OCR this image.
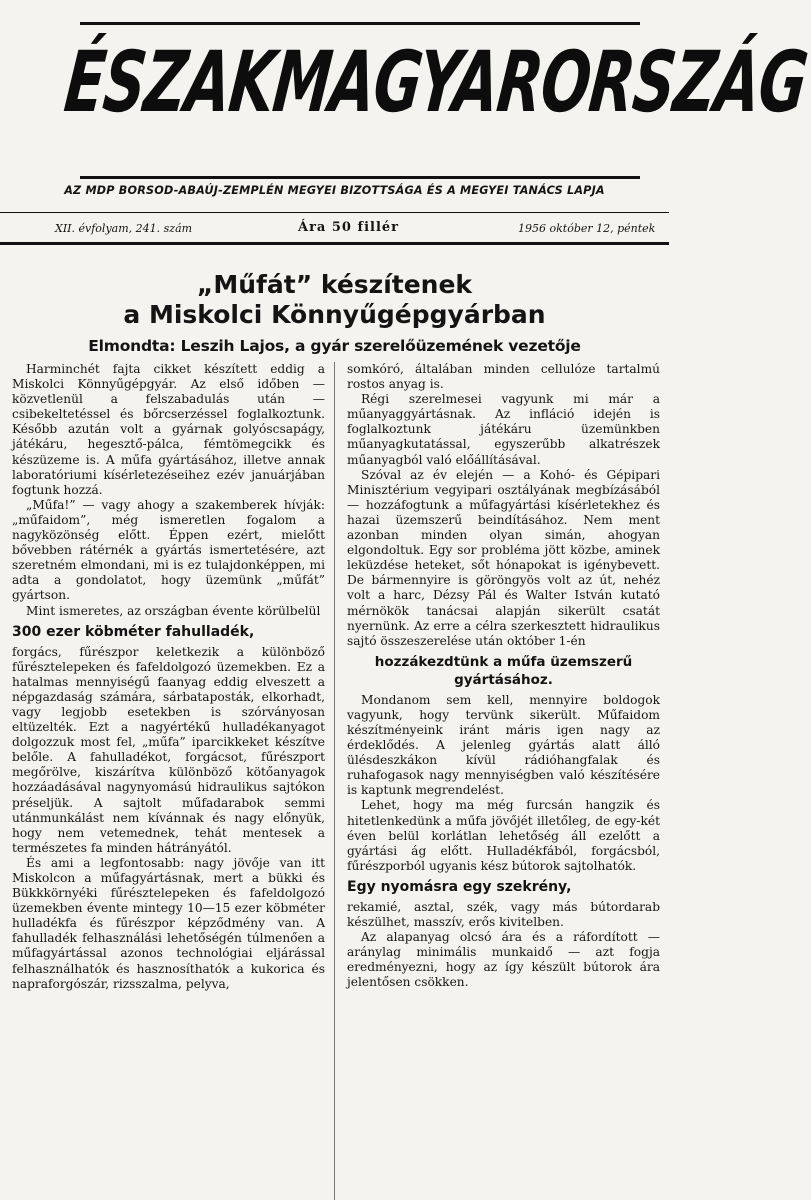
ÉSZAKMAGYARORSZÁG
AZ MDP BORSOD-ABAÚJ-ZEMPLÉN MEGYEI BIZOTTSÁGA ÉS A MEGYEI TANÁCS LAPJA
XII. évfolyam, 241. szám	Ára 50 fillér	1956 október 12, péntek
„Műfát” készítenek
a Miskolci Könnyűgépgyárban
Elmondta: Leszih Lajos, a gyár szerelőüzemének vezetője

Harminchét fajta cikket készített eddig a Miskolci Könnyűgépgyár. Az első időben — közvetlenül a felszabadulás után — csibekeltetéssel és bőrcserzéssel foglalkoztunk. Később azután volt a gyárnak golyóscsapágy, játékáru, hegesztő-pálca, fémtömegcikk és készüzeme is. A műfa gyártásához, illetve annak laboratóriumi kísérletezéseihez ezév januárjában fogtunk hozzá.

„Műfa!” — vagy ahogy a szakemberek hívják: „műfaidom”, még ismeretlen fogalom a nagyközönség előtt. Éppen ezért, mielőtt bővebben rátérnék a gyártás ismertetésére, azt szeretném elmondani, mi is ez tulajdonképpen, mi adta a gondolatot, hogy üzemünk „műfát” gyártson.

Mint ismeretes, az országban évente körülbelül

300 ezer köbméter fahulladék,

forgács, fűrészpor keletkezik a különböző fűrésztelepeken és fafeldolgozó üzemekben. Ez a hatalmas mennyiségű faanyag eddig elveszett a népgazdaság számára, sárbataposták, elkorhadt, vagy legjobb esetekben is szórványosan eltüzelték. Ezt a nagyértékű hulladékanyagot dolgozzuk most fel, „műfa” iparcikkeket készítve belőle. A fahulladékot, forgácsot, fűrészport megőrölve, kiszárítva különböző kötőanyagok hozzáadásával nagynyomású hidraulikus sajtókon préseljük. A sajtolt műfadarabok semmi utánmunkálást nem kívánnak és nagy előnyük, hogy nem vetemednek, tehát mentesek a természetes fa minden hátrányától.

És ami a legfontosabb: nagy jövője van itt Miskolcon a műfagyártásnak, mert a bükki és Bükkkörnyéki fűrésztelepeken és fafeldolgozó üzemekben évente mintegy 10—15 ezer köbméter hulladékfa és fűrészpor képződmény van. A fahulladék felhasználási lehetőségén túlmenően a műfagyártással azonos technológiai eljárással felhasználhatók és hasznosíthatók a kukorica és napraforgószár, rizsszalma, pelyva,

somkóró, általában minden cellulóze tartalmú rostos anyag is.

Régi szerelmesei vagyunk mi már a műanyaggyártásnak. Az infláció idején is foglalkoztunk játékáru üzemünkben műanyagkutatással, egyszerűbb alkatrészek műanyagból való előállításával.

Szóval az év elején — a Kohó- és Gépipari Minisztérium vegyipari osztályának megbízásából — hozzáfogtunk a műfagyártási kísérletekhez és hazai üzemszerű beindításához. Nem ment azonban minden olyan simán, ahogyan elgondoltuk. Egy sor probléma jött közbe, aminek leküzdése heteket, sőt hónapokat is igénybevett. De bármennyire is göröngyös volt az út, nehéz volt a harc, Dézsy Pál és Walter István kutató mérnökök tanácsai alapján sikerült csatát nyernünk. Az erre a célra szerkesztett hidraulikus sajtó összeszerelése után október 1-én

hozzákezdtünk a műfa üzemszerű gyártásához.

Mondanom sem kell, mennyire boldogok vagyunk, hogy tervünk sikerült. Műfaidom készítményeink iránt máris igen nagy az érdeklődés. A jelenleg gyártás alatt álló ülésdeszkákon kívül rádióhangfalak és ruhafogasok nagy mennyiségben való készítésére is kaptunk megrendelést.

Lehet, hogy ma még furcsán hangzik és hitetlenkedünk a műfa jövőjét illetőleg, de egy-két éven belül korlátlan lehetőség áll ezelőtt a gyártási ág előtt. Hulladékfából, forgácsból, fűrészporból ugyanis kész bútorok sajtolhatók.

Egy nyomásra egy szekrény,

rekamié, asztal, szék, vagy más bútordarab készülhet, masszív, erős kivitelben.

Az alapanyag olcsó ára és a ráfordított — aránylag minimális munkaidő — azt fogja eredményezni, hogy az így készült bútorok ára jelentősen csökken.
